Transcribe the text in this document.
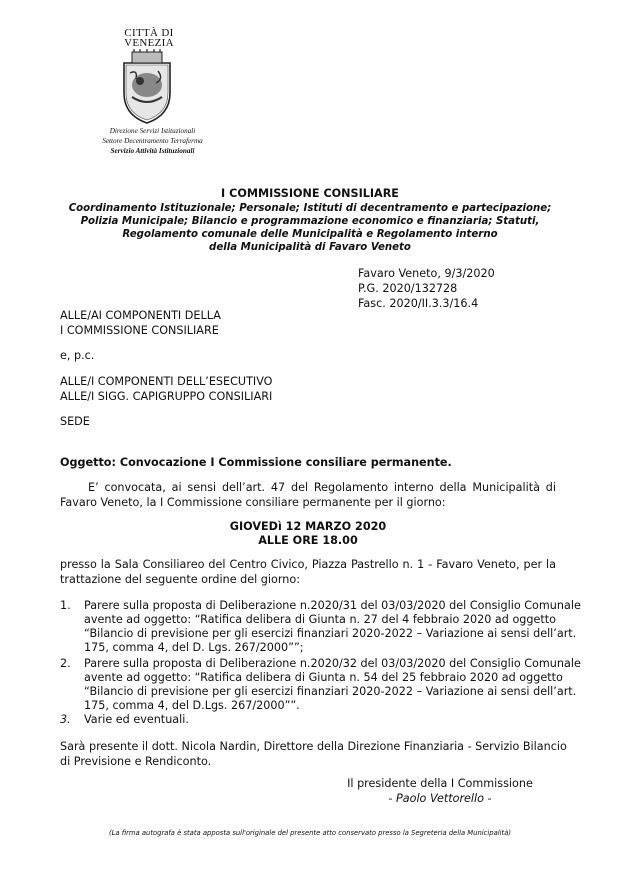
CITTÀ DI
VENEZIA
Direzione Servizi Istituzionali
Settore Decentramento Terraferma
Servizio Attività Istituzionali
I COMMISSIONE CONSILIARE
Coordinamento Istituzionale; Personale; Istituti di decentramento e partecipazione;
Polizia Municipale; Bilancio e programmazione economico e finanziaria; Statuti,
Regolamento comunale delle Municipalità e Regolamento interno
della Municipalità di Favaro Veneto
Favaro Veneto, 9/3/2020
P.G. 2020/132728
Fasc. 2020/II.3.3/16.4
ALLE/AI COMPONENTI DELLA
I COMMISSIONE CONSILIARE
e, p.c.
ALLE/I COMPONENTI DELL’ESECUTIVO
ALLE/I SIGG. CAPIGRUPPO CONSILIARI
SEDE
Oggetto: Convocazione I Commissione consiliare permanente.
E’ convocata, ai sensi dell’art. 47 del Regolamento interno della Municipalità di
Favaro Veneto, la I Commissione consiliare permanente per il giorno:
GIOVEDì 12 MARZO 2020
ALLE ORE 18.00
presso la Sala Consiliareo del Centro Civico, Piazza Pastrello n. 1 - Favaro Veneto, per la
trattazione del seguente ordine del giorno:
1. Parere sulla proposta di Deliberazione n.2020/31 del 03/03/2020 del Consiglio Comunale
avente ad oggetto: “Ratifica delibera di Giunta n. 27 del 4 febbraio 2020 ad oggetto
“Bilancio di previsione per gli esercizi finanziari 2020-2022 – Variazione ai sensi dell’art.
175, comma 4, del D. Lgs. 267/2000””;
2. Parere sulla proposta di Deliberazione n.2020/32 del 03/03/2020 del Consiglio Comunale
avente ad oggetto: “Ratifica delibera di Giunta n. 54 del 25 febbraio 2020 ad oggetto
“Bilancio di previsione per gli esercizi finanziari 2020-2022 – Variazione ai sensi dell’art.
175, comma 4, del D.Lgs. 267/2000””.
3. Varie ed eventuali.
Sarà presente il dott. Nicola Nardin, Direttore della Direzione Finanziaria - Servizio Bilancio
di Previsione e Rendiconto.
Il presidente della I Commissione
- Paolo Vettorello -
(La firma autografa è stata apposta sull'originale del presente atto conservato presso la Segreteria della Municipalità)
